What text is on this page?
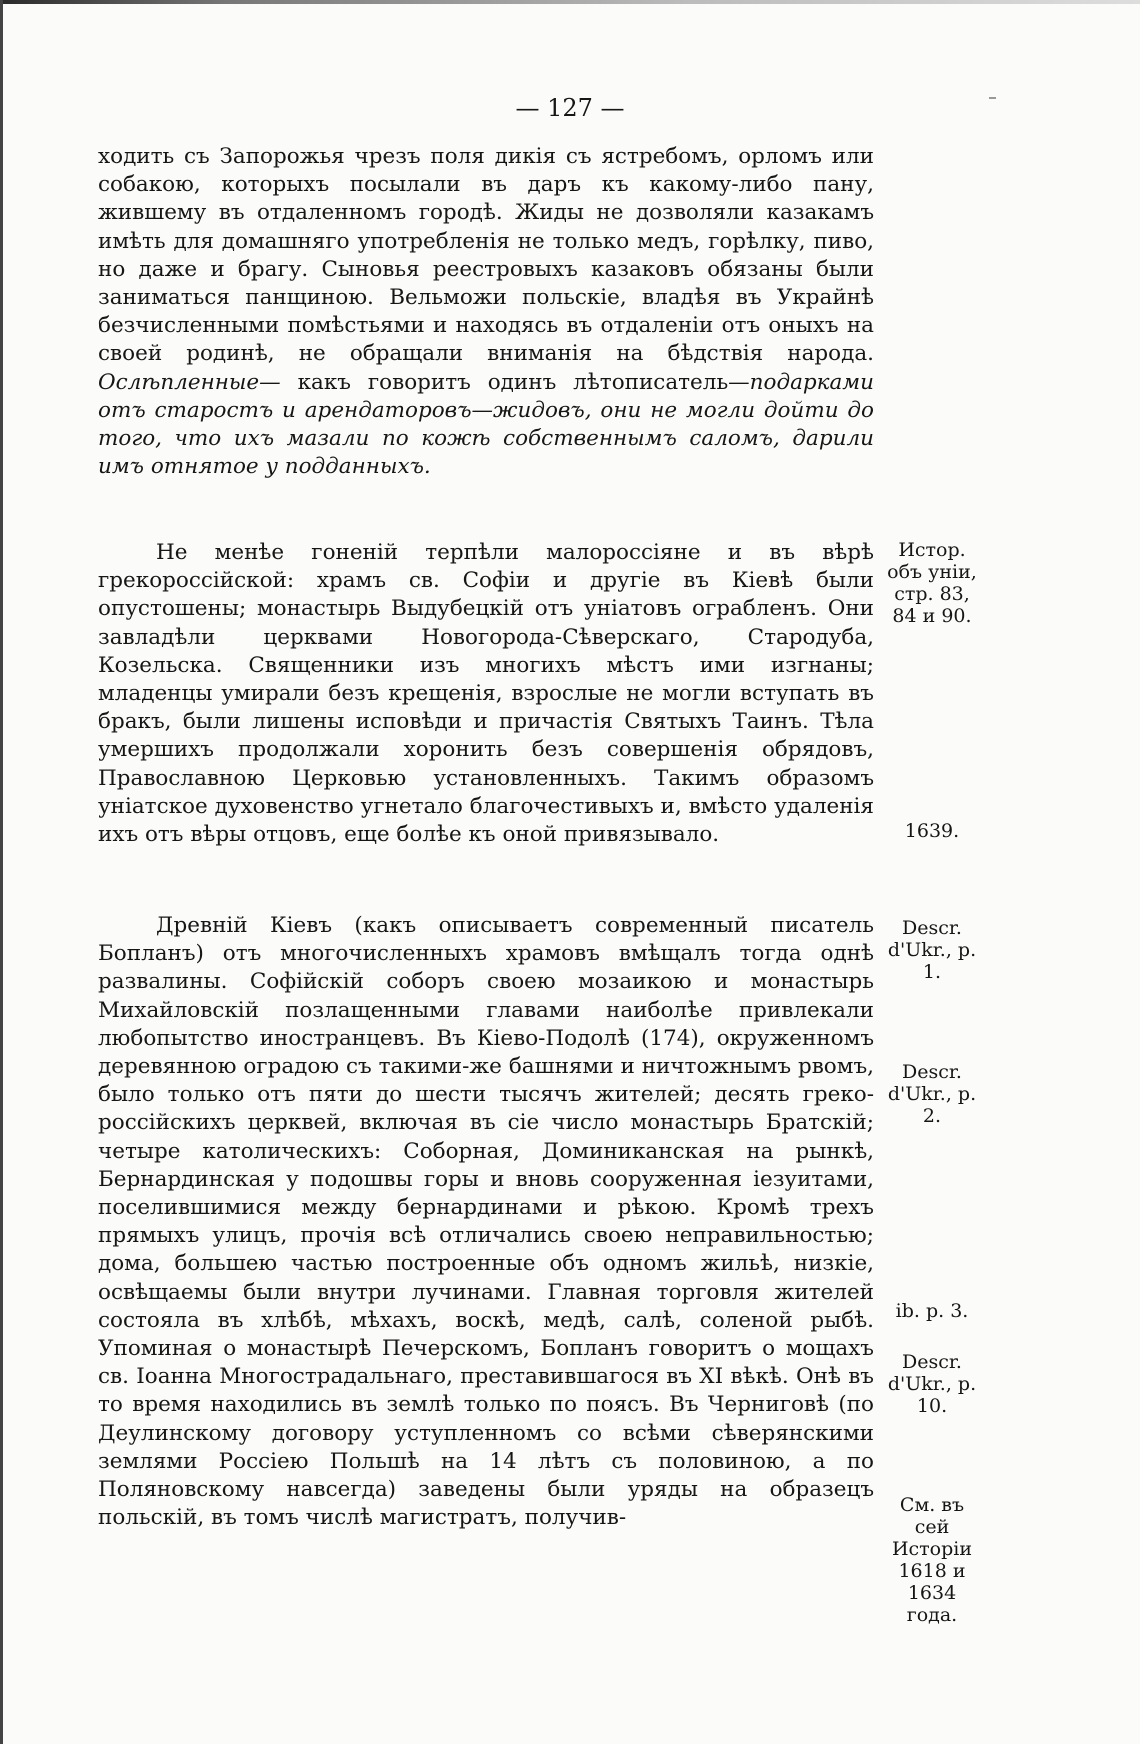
— 127 —

ходить съ Запорожья чрезъ поля дикія съ ястребомъ, орломъ или собакою, которыхъ посылали въ даръ къ какому-либо пану, жившему въ отдаленномъ городѣ. Жиды не дозволяли казакамъ имѣть для домашняго употребленія не только медъ, горѣлку, пиво, но даже и брагу. Сыновья реестровыхъ казаковъ обязаны были заниматься панщиною. Вельможи польскіе, владѣя въ Украйнѣ безчисленными помѣстьями и находясь въ отдаленіи отъ оныхъ на своей родинѣ, не обращали вниманія на бѣдствія народа. Ослѣпленные— какъ говоритъ одинъ лѣтописатель—подарками отъ старостъ и арендаторовъ—жидовъ, они не могли дойти до того, что ихъ мазали по кожѣ собственнымъ саломъ, дарили имъ отнятое у подданныхъ.

Не менѣе гоненій терпѣли малороссіяне и въ вѣрѣ грекороссійской: храмъ св. Софіи и другіе въ Кіевѣ были опустошены; монастырь Выдубецкій отъ уніатовъ ограбленъ. Они завладѣли церквами Новогорода-Сѣверскаго, Стародуба, Козельска. Священники изъ многихъ мѣстъ ими изгнаны; младенцы умирали безъ крещенія, взрослые не могли вступать въ бракъ, были лишены исповѣди и причастія Святыхъ Таинъ. Тѣла умершихъ продолжали хоронить безъ совершенія обрядовъ, Православною Церковью установленныхъ. Такимъ образомъ уніатское духовенство угнетало благочестивыхъ и, вмѣсто удаленія ихъ отъ вѣры отцовъ, еще болѣе къ оной привязывало.

Древній Кіевъ (какъ описываетъ современный писатель Бопланъ) отъ многочисленныхъ храмовъ вмѣщалъ тогда однѣ развалины. Софійскій соборъ своею мозаикою и монастырь Михайловскій позлащенными главами наиболѣе привлекали любопытство иностранцевъ. Въ Кіево-Подолѣ (174), окруженномъ деревянною оградою съ такими-же башнями и ничтожнымъ рвомъ, было только отъ пяти до шести тысячъ жителей; десять греко-россійскихъ церквей, включая въ сіе число монастырь Братскій; четыре католическихъ: Соборная, Доминиканская на рынкѣ, Бернардинская у подошвы горы и вновь сооруженная іезуитами, поселившимися между бернардинами и рѣкою. Кромѣ трехъ прямыхъ улицъ, прочія всѣ отличались своею неправильностью; дома, большею частью построенные объ одномъ жильѣ, низкіе, освѣщаемы были внутри лучинами. Главная торговля жителей состояла въ хлѣбѣ, мѣхахъ, воскѣ, медѣ, салѣ, соленой рыбѣ. Упоминая о монастырѣ Печерскомъ, Бопланъ говоритъ о мощахъ св. Іоанна Многострадальнаго, преставившагося въ XI вѣкѣ. Онѣ въ то время находились въ землѣ только по поясъ. Въ Черниговѣ (по Деулинскому договору уступленномъ со всѣми сѣверянскими землями Россіею Польшѣ на 14 лѣтъ съ половиною, а по Поляновскому навсегда) заведены были уряды на образецъ польскій, въ томъ числѣ магистратъ, получив-

Истор. объ уніи, стр. 83, 84 и 90.
1639.
Descr. d'Ukr., p. 1.
Descr. d'Ukr., p. 2.
ib. p. 3.
Descr. d'Ukr., p. 10.
См. въ сей Исторіи 1618 и 1634 года.
